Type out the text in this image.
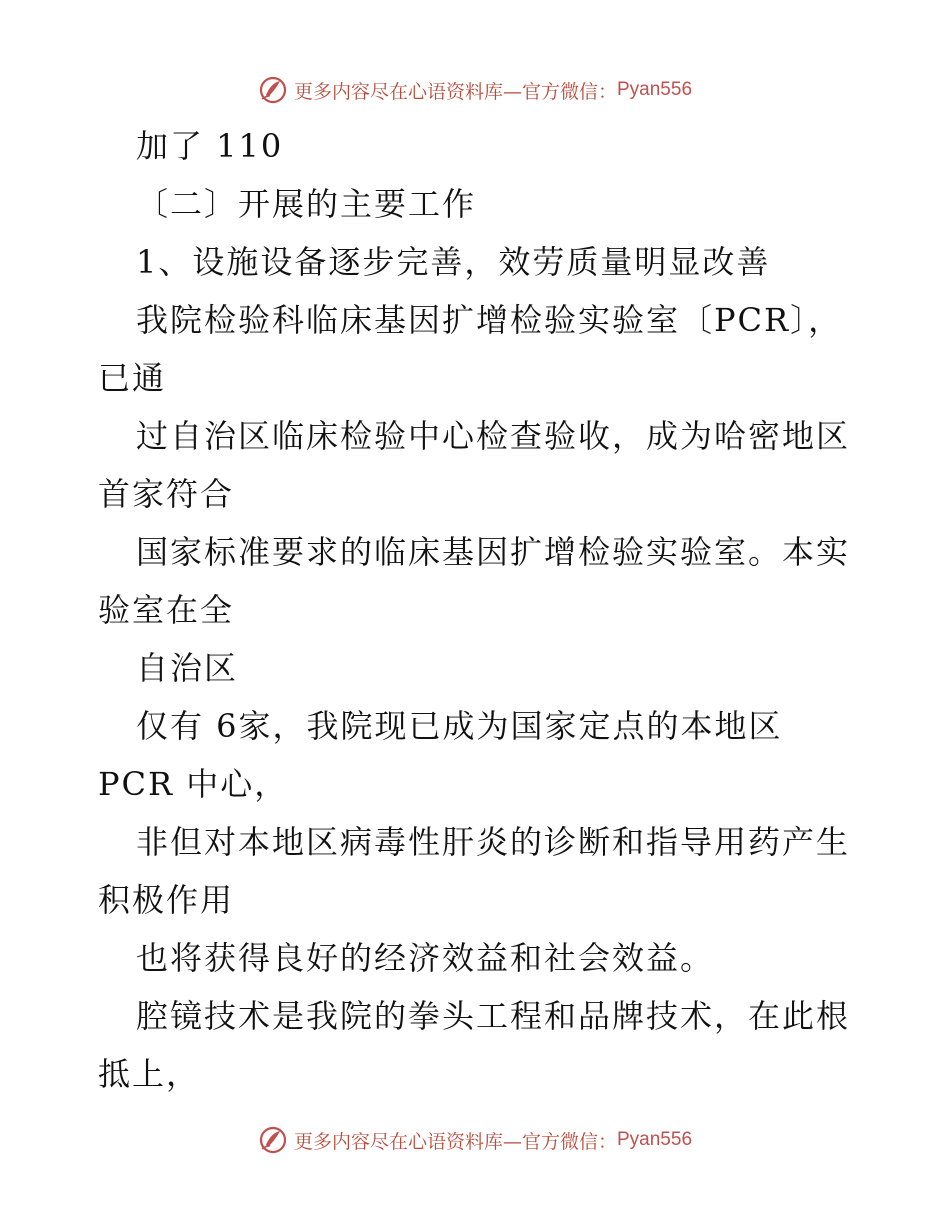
更多内容尽在心语资料库—官方微信： Pyan556
加了 110
〔二〕开展的主要工作
1、设施设备逐步完善，效劳质量明显改善
我院检验科临床基因扩增检验实验室〔PCR〕，
已通
过自治区临床检验中心检查验收，成为哈密地区
首家符合
国家标准要求的临床基因扩增检验实验室。本实
验室在全
自治区
仅有 6家，我院现已成为国家定点的本地区
PCR 中心，
非但对本地区病毒性肝炎的诊断和指导用药产生
积极作用
也将获得良好的经济效益和社会效益。
腔镜技术是我院的拳头工程和品牌技术，在此根
抵上，
更多内容尽在心语资料库—官方微信： Pyan556
